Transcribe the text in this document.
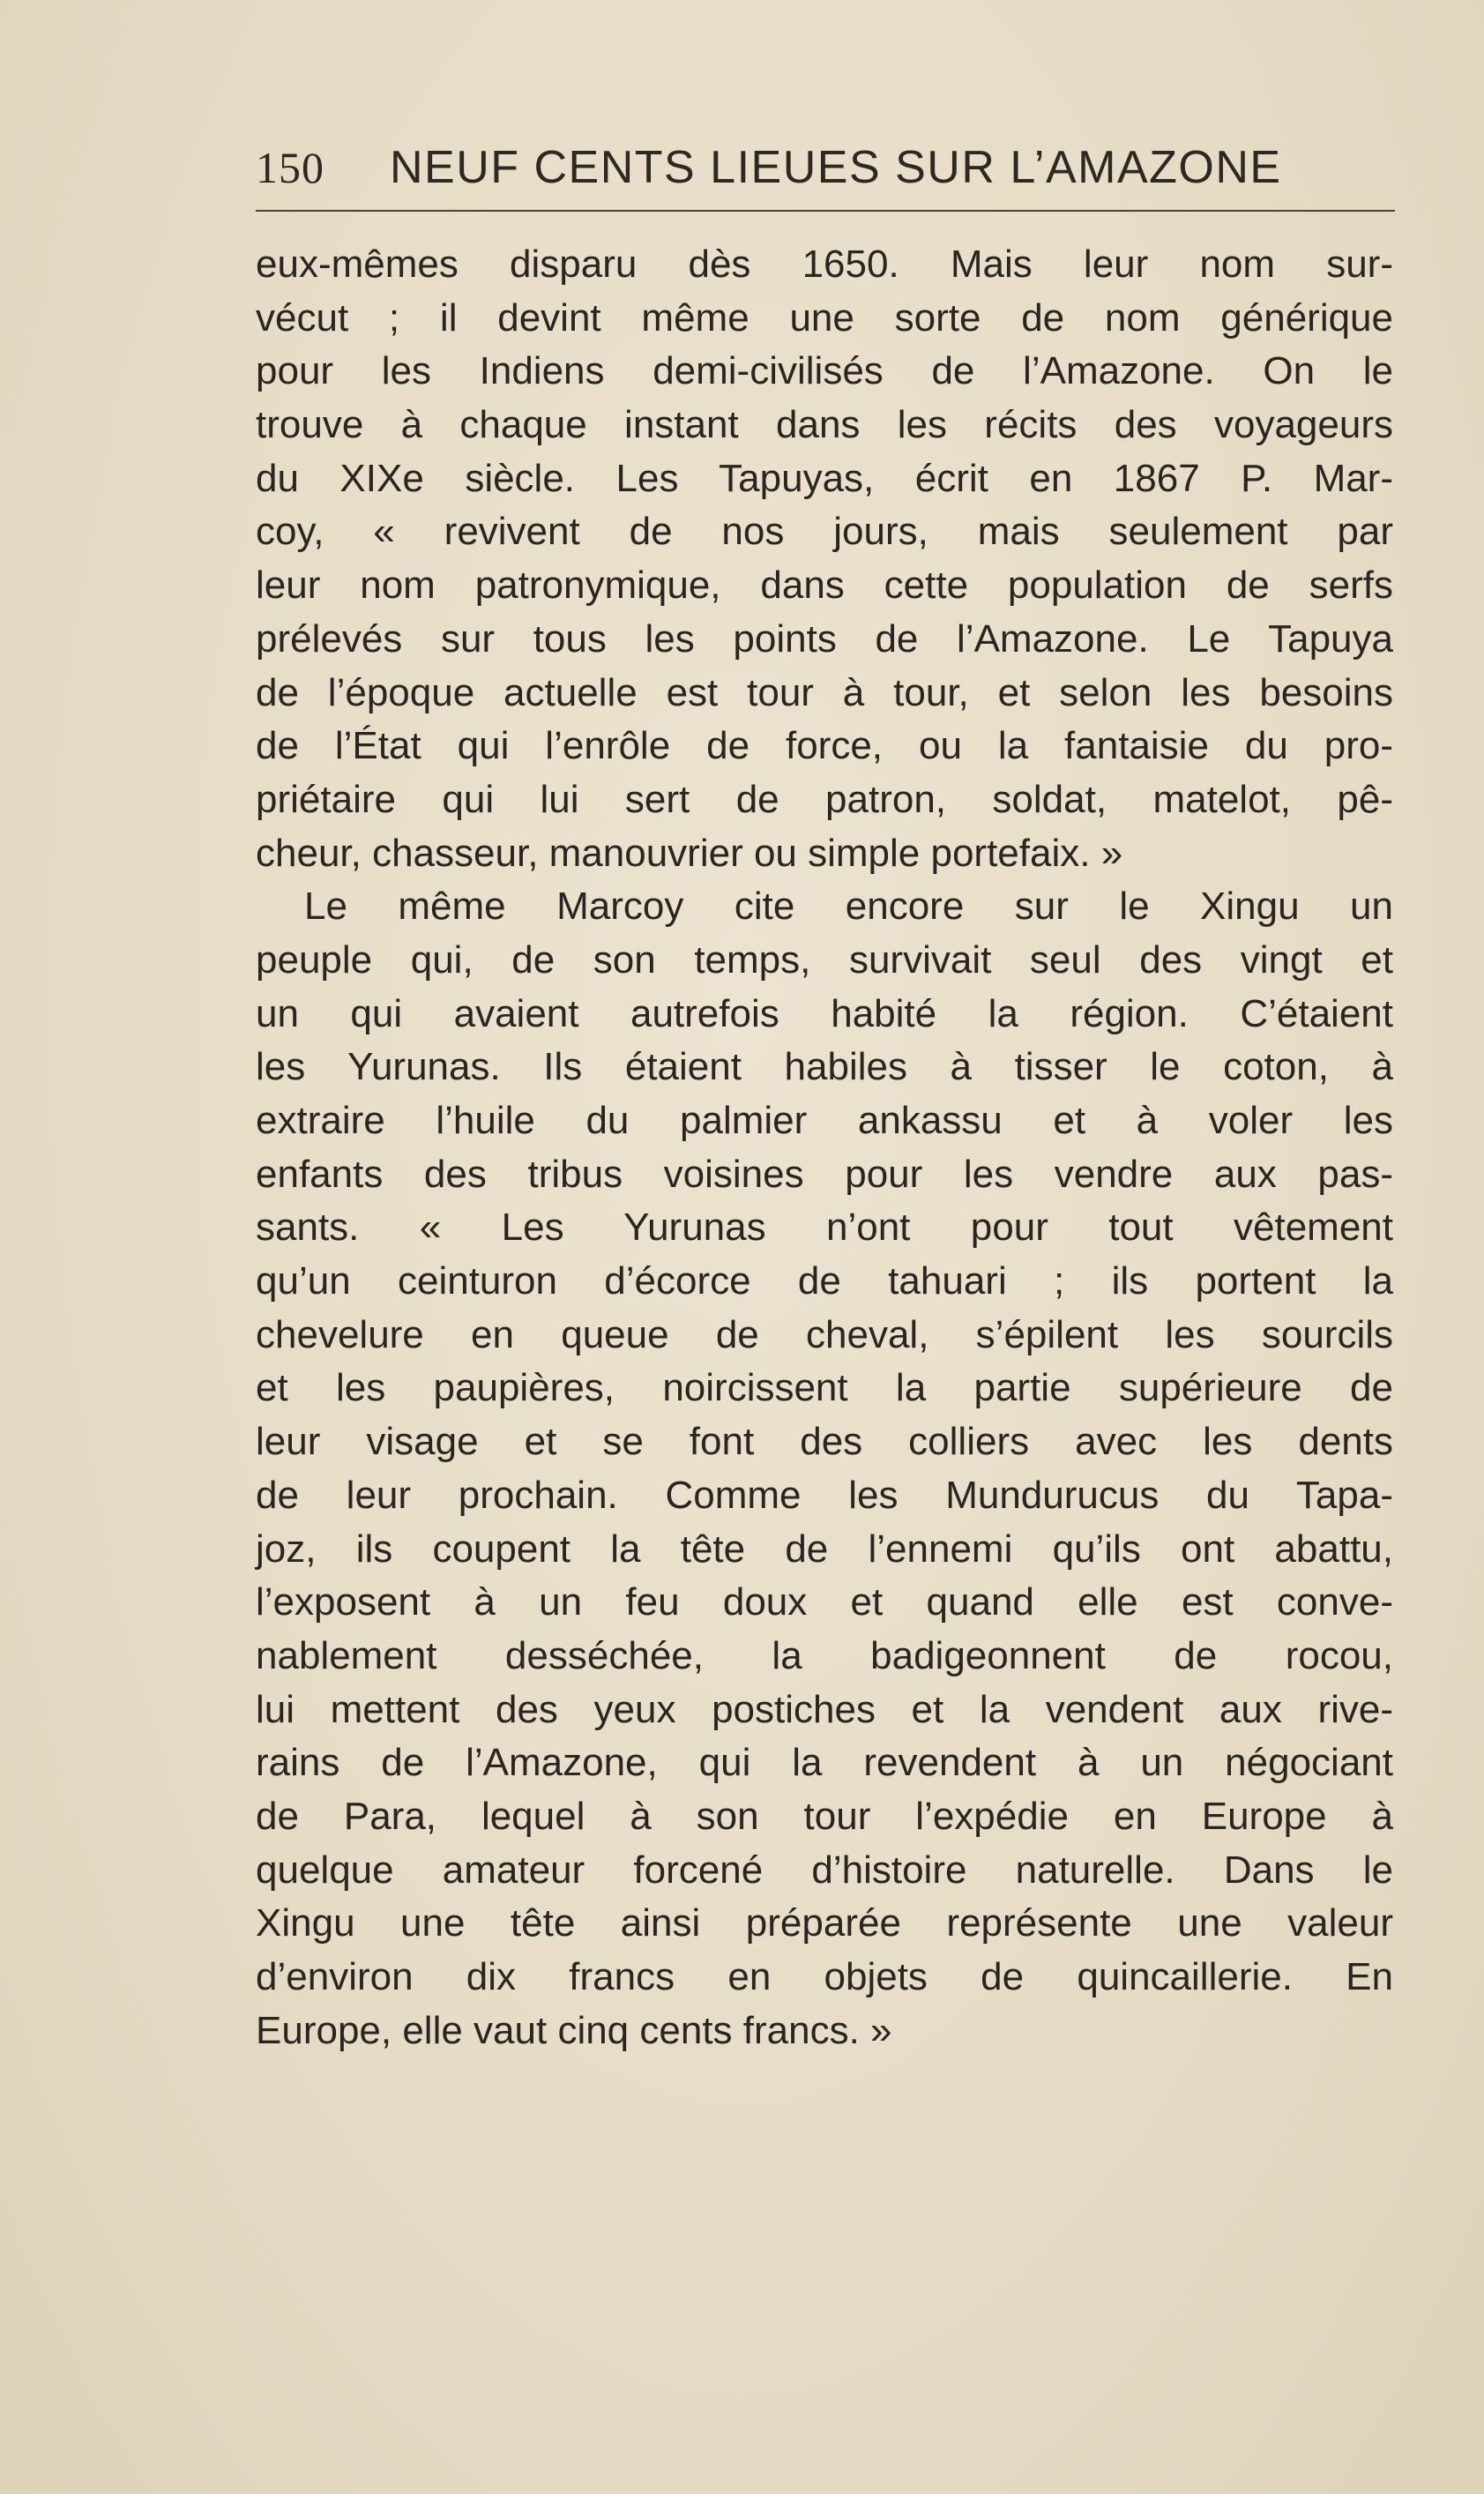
150 NEUF CENTS LIEUES SUR L’AMAZONE
eux-mêmes disparu dès 1650. Mais leur nom sur-
vécut ; il devint même une sorte de nom générique
pour les Indiens demi-civilisés de l’Amazone. On le
trouve à chaque instant dans les récits des voyageurs
du XIXe siècle. Les Tapuyas, écrit en 1867 P. Mar-
coy, « revivent de nos jours, mais seulement par
leur nom patronymique, dans cette population de serfs
prélevés sur tous les points de l’Amazone. Le Tapuya
de l’époque actuelle est tour à tour, et selon les besoins
de l’État qui l’enrôle de force, ou la fantaisie du pro-
priétaire qui lui sert de patron, soldat, matelot, pê-
cheur, chasseur, manouvrier ou simple portefaix. »
Le même Marcoy cite encore sur le Xingu un
peuple qui, de son temps, survivait seul des vingt et
un qui avaient autrefois habité la région. C’étaient
les Yurunas. Ils étaient habiles à tisser le coton, à
extraire l’huile du palmier ankassu et à voler les
enfants des tribus voisines pour les vendre aux pas-
sants. « Les Yurunas n’ont pour tout vêtement
qu’un ceinturon d’écorce de tahuari ; ils portent la
chevelure en queue de cheval, s’épilent les sourcils
et les paupières, noircissent la partie supérieure de
leur visage et se font des colliers avec les dents
de leur prochain. Comme les Mundurucus du Tapa-
joz, ils coupent la tête de l’ennemi qu’ils ont abattu,
l’exposent à un feu doux et quand elle est conve-
nablement desséchée, la badigeonnent de rocou,
lui mettent des yeux postiches et la vendent aux rive-
rains de l’Amazone, qui la revendent à un négociant
de Para, lequel à son tour l’expédie en Europe à
quelque amateur forcené d’histoire naturelle. Dans le
Xingu une tête ainsi préparée représente une valeur
d’environ dix francs en objets de quincaillerie. En
Europe, elle vaut cinq cents francs. »
